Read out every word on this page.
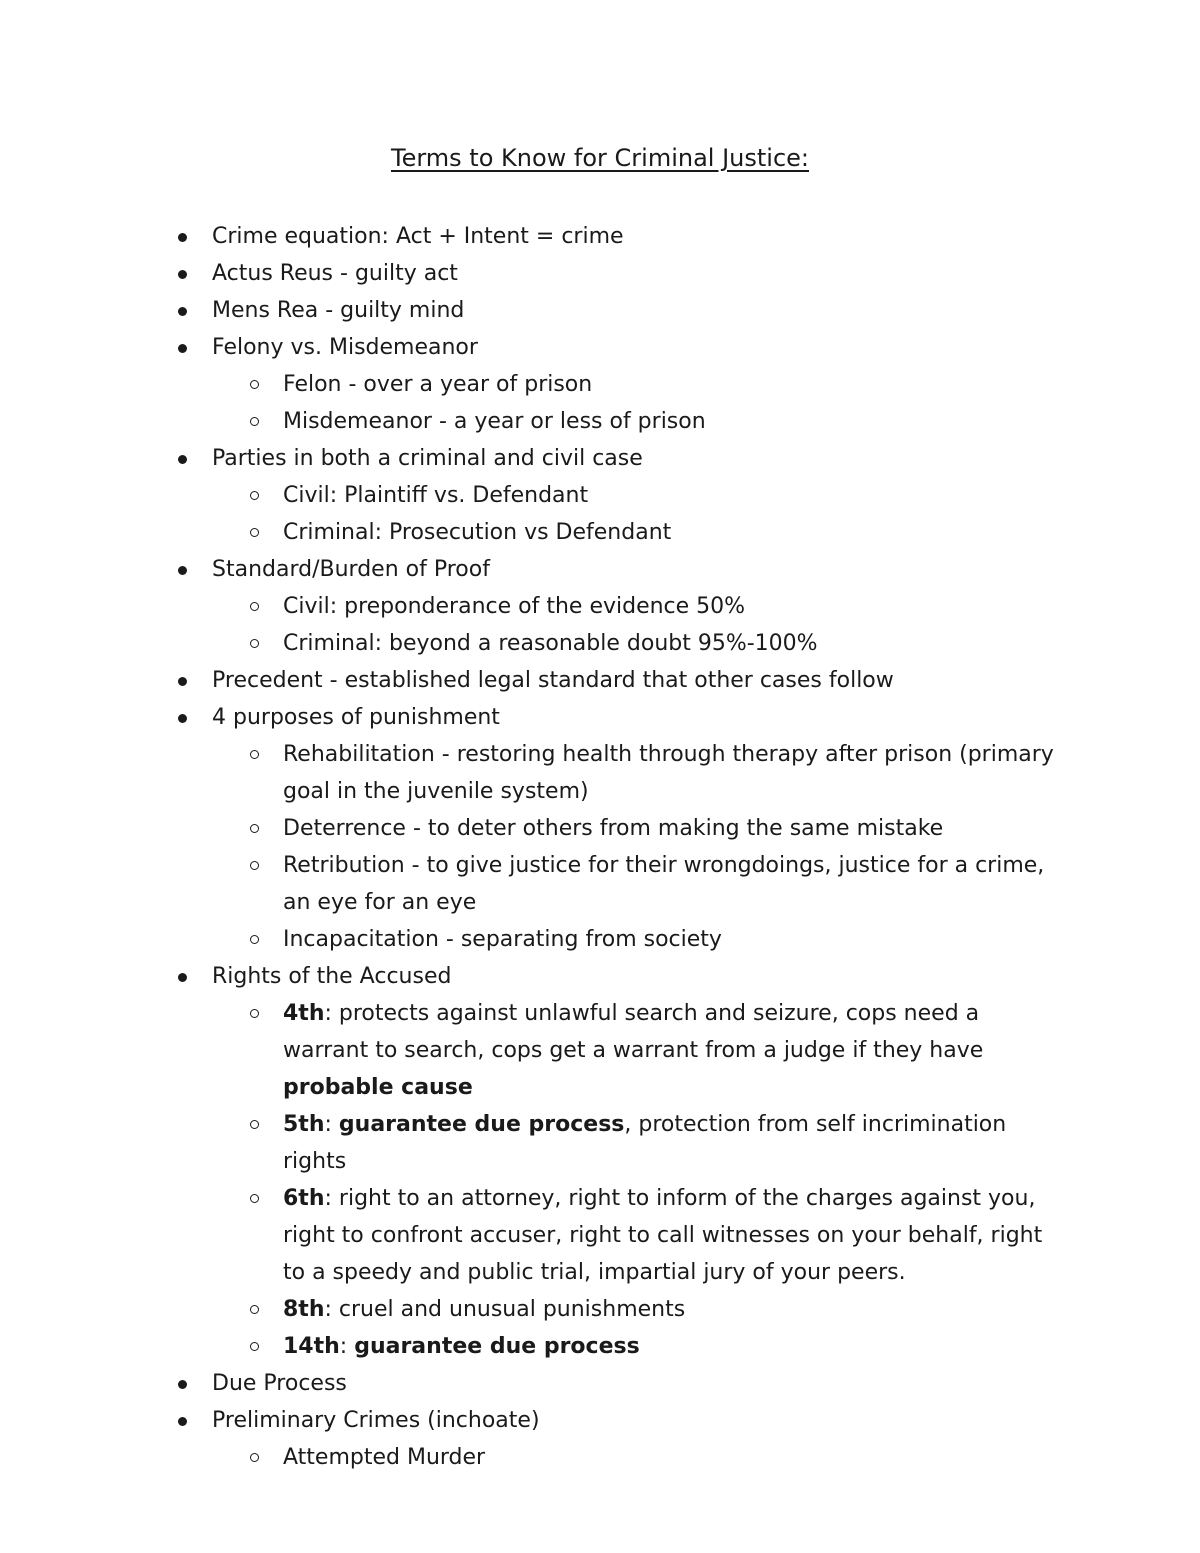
Terms to Know for Criminal Justice:
Crime equation: Act + Intent = crime
Actus Reus - guilty act
Mens Rea - guilty mind
Felony vs. Misdemeanor
Felon - over a year of prison
Misdemeanor - a year or less of prison
Parties in both a criminal and civil case
Civil: Plaintiff vs. Defendant
Criminal: Prosecution vs Defendant
Standard/Burden of Proof
Civil: preponderance of the evidence 50%
Criminal: beyond a reasonable doubt 95%-100%
Precedent - established legal standard that other cases follow
4 purposes of punishment
Rehabilitation - restoring health through therapy after prison (primary goal in the juvenile system)
Deterrence - to deter others from making the same mistake
Retribution - to give justice for their wrongdoings, justice for a crime, an eye for an eye
Incapacitation - separating from society
Rights of the Accused
4th: protects against unlawful search and seizure, cops need a warrant to search, cops get a warrant from a judge if they have probable cause
5th: guarantee due process, protection from self incrimination rights
6th: right to an attorney, right to inform of the charges against you, right to confront accuser, right to call witnesses on your behalf, right to a speedy and public trial, impartial jury of your peers.
8th: cruel and unusual punishments
14th: guarantee due process
Due Process
Preliminary Crimes (inchoate)
Attempted Murder
